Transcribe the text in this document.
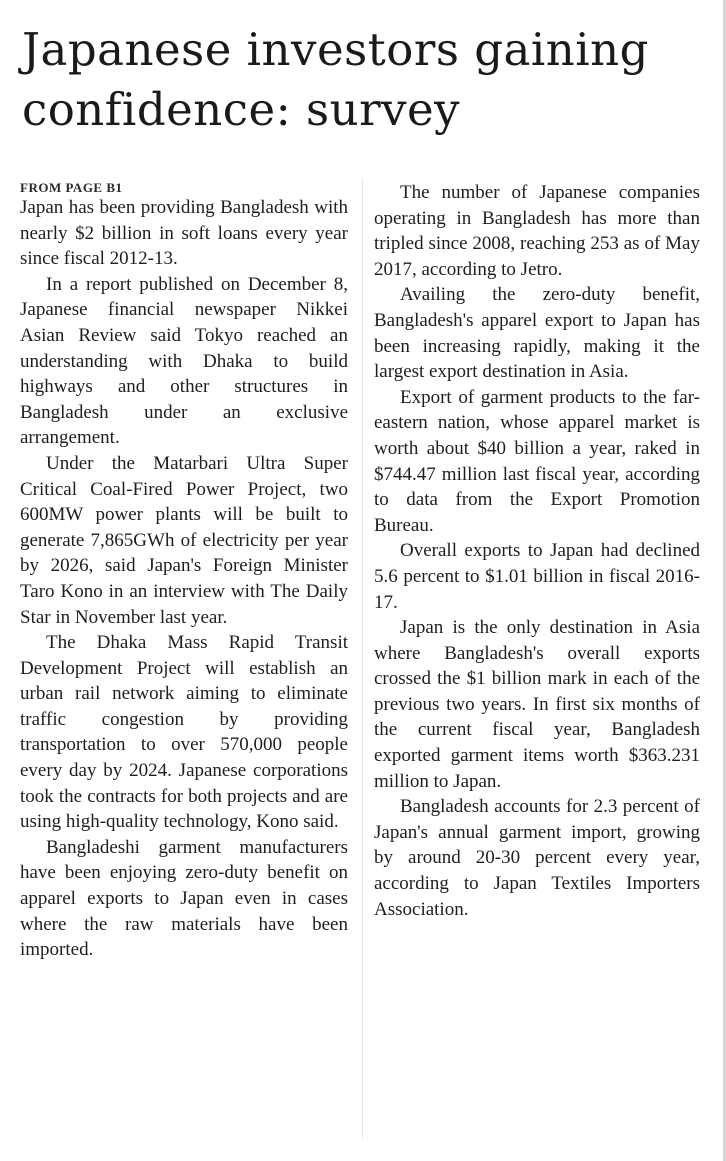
Japanese investors gaining
confidence: survey
FROM PAGE B1

Japan has been providing Bangladesh with nearly $2 billion in soft loans every year since fiscal 2012-13.

In a report published on December 8, Japanese financial newspaper Nikkei Asian Review said Tokyo reached an understanding with Dhaka to build highways and other structures in Bangladesh under an exclusive arrangement.

Under the Matarbari Ultra Super Critical Coal-Fired Power Project, two 600MW power plants will be built to generate 7,865GWh of electricity per year by 2026, said Japan's Foreign Minister Taro Kono in an interview with The Daily Star in November last year.

The Dhaka Mass Rapid Transit Development Project will establish an urban rail network aiming to eliminate traffic congestion by providing transportation to over 570,000 people every day by 2024. Japanese corporations took the contracts for both projects and are using high-quality technology, Kono said.

Bangladeshi garment manufacturers have been enjoying zero-duty benefit on apparel exports to Japan even in cases where the raw materials have been imported.

The number of Japanese companies operating in Bangladesh has more than tripled since 2008, reaching 253 as of May 2017, according to Jetro.

Availing the zero-duty benefit, Bangladesh's apparel export to Japan has been increasing rapidly, making it the largest export destination in Asia.

Export of garment products to the far-eastern nation, whose apparel market is worth about $40 billion a year, raked in $744.47 million last fiscal year, according to data from the Export Promotion Bureau.

Overall exports to Japan had declined 5.6 percent to $1.01 billion in fiscal 2016-17.

Japan is the only destination in Asia where Bangladesh's overall exports crossed the $1 billion mark in each of the previous two years. In first six months of the current fiscal year, Bangladesh exported garment items worth $363.231 million to Japan.

Bangladesh accounts for 2.3 percent of Japan's annual garment import, growing by around 20-30 percent every year, according to Japan Textiles Importers Association.
